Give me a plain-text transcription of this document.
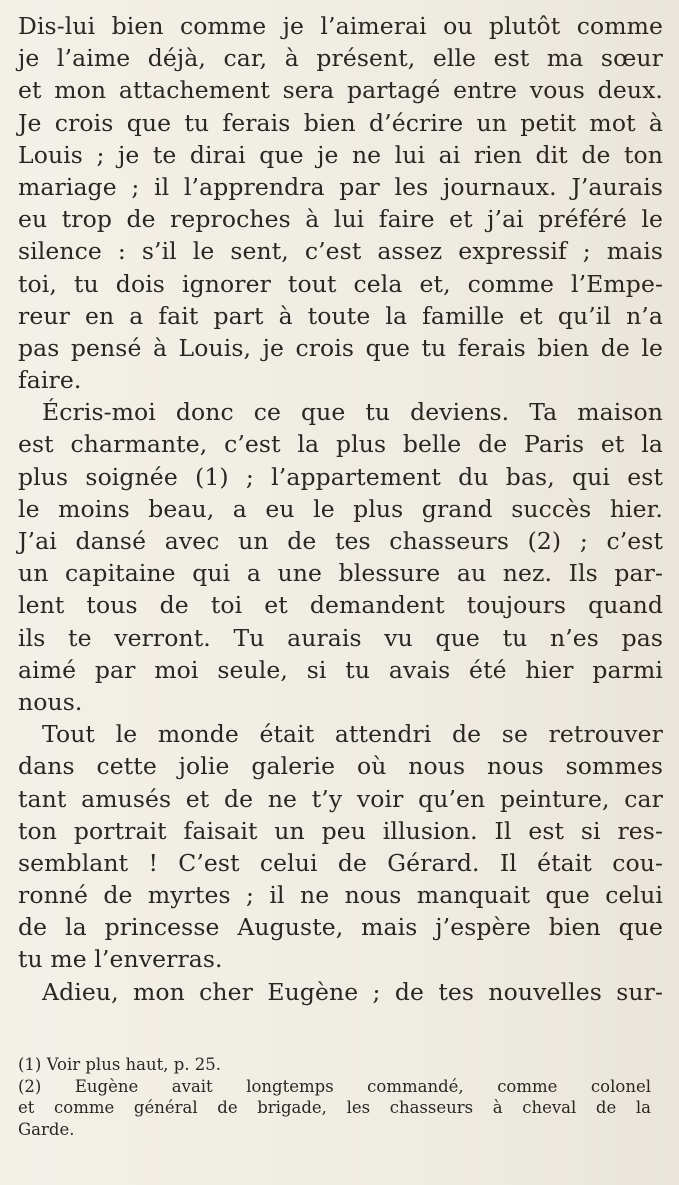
Dis-lui bien comme je l’aimerai ou plutôt comme
je l’aime déjà, car, à présent, elle est ma sœur
et mon attachement sera partagé entre vous deux.
Je crois que tu ferais bien d’écrire un petit mot à
Louis ; je te dirai que je ne lui ai rien dit de ton
mariage ; il l’apprendra par les journaux. J’aurais
eu trop de reproches à lui faire et j’ai préféré le
silence : s’il le sent, c’est assez expressif ; mais
toi, tu dois ignorer tout cela et, comme l’Empe-
reur en a fait part à toute la famille et qu’il n’a
pas pensé à Louis, je crois que tu ferais bien de le
faire.
Écris-moi donc ce que tu deviens. Ta maison
est charmante, c’est la plus belle de Paris et la
plus soignée (1) ; l’appartement du bas, qui est
le moins beau, a eu le plus grand succès hier.
J’ai dansé avec un de tes chasseurs (2) ; c’est
un capitaine qui a une blessure au nez. Ils par-
lent tous de toi et demandent toujours quand
ils te verront. Tu aurais vu que tu n’es pas
aimé par moi seule, si tu avais été hier parmi
nous.
Tout le monde était attendri de se retrouver
dans cette jolie galerie où nous nous sommes
tant amusés et de ne t’y voir qu’en peinture, car
ton portrait faisait un peu illusion. Il est si res-
semblant ! C’est celui de Gérard. Il était cou-
ronné de myrtes ; il ne nous manquait que celui
de la princesse Auguste, mais j’espère bien que
tu me l’enverras.
Adieu, mon cher Eugène ; de tes nouvelles sur-
(1) Voir plus haut, p. 25.
(2) Eugène avait longtemps commandé, comme colonel
et comme général de brigade, les chasseurs à cheval de la
Garde.
